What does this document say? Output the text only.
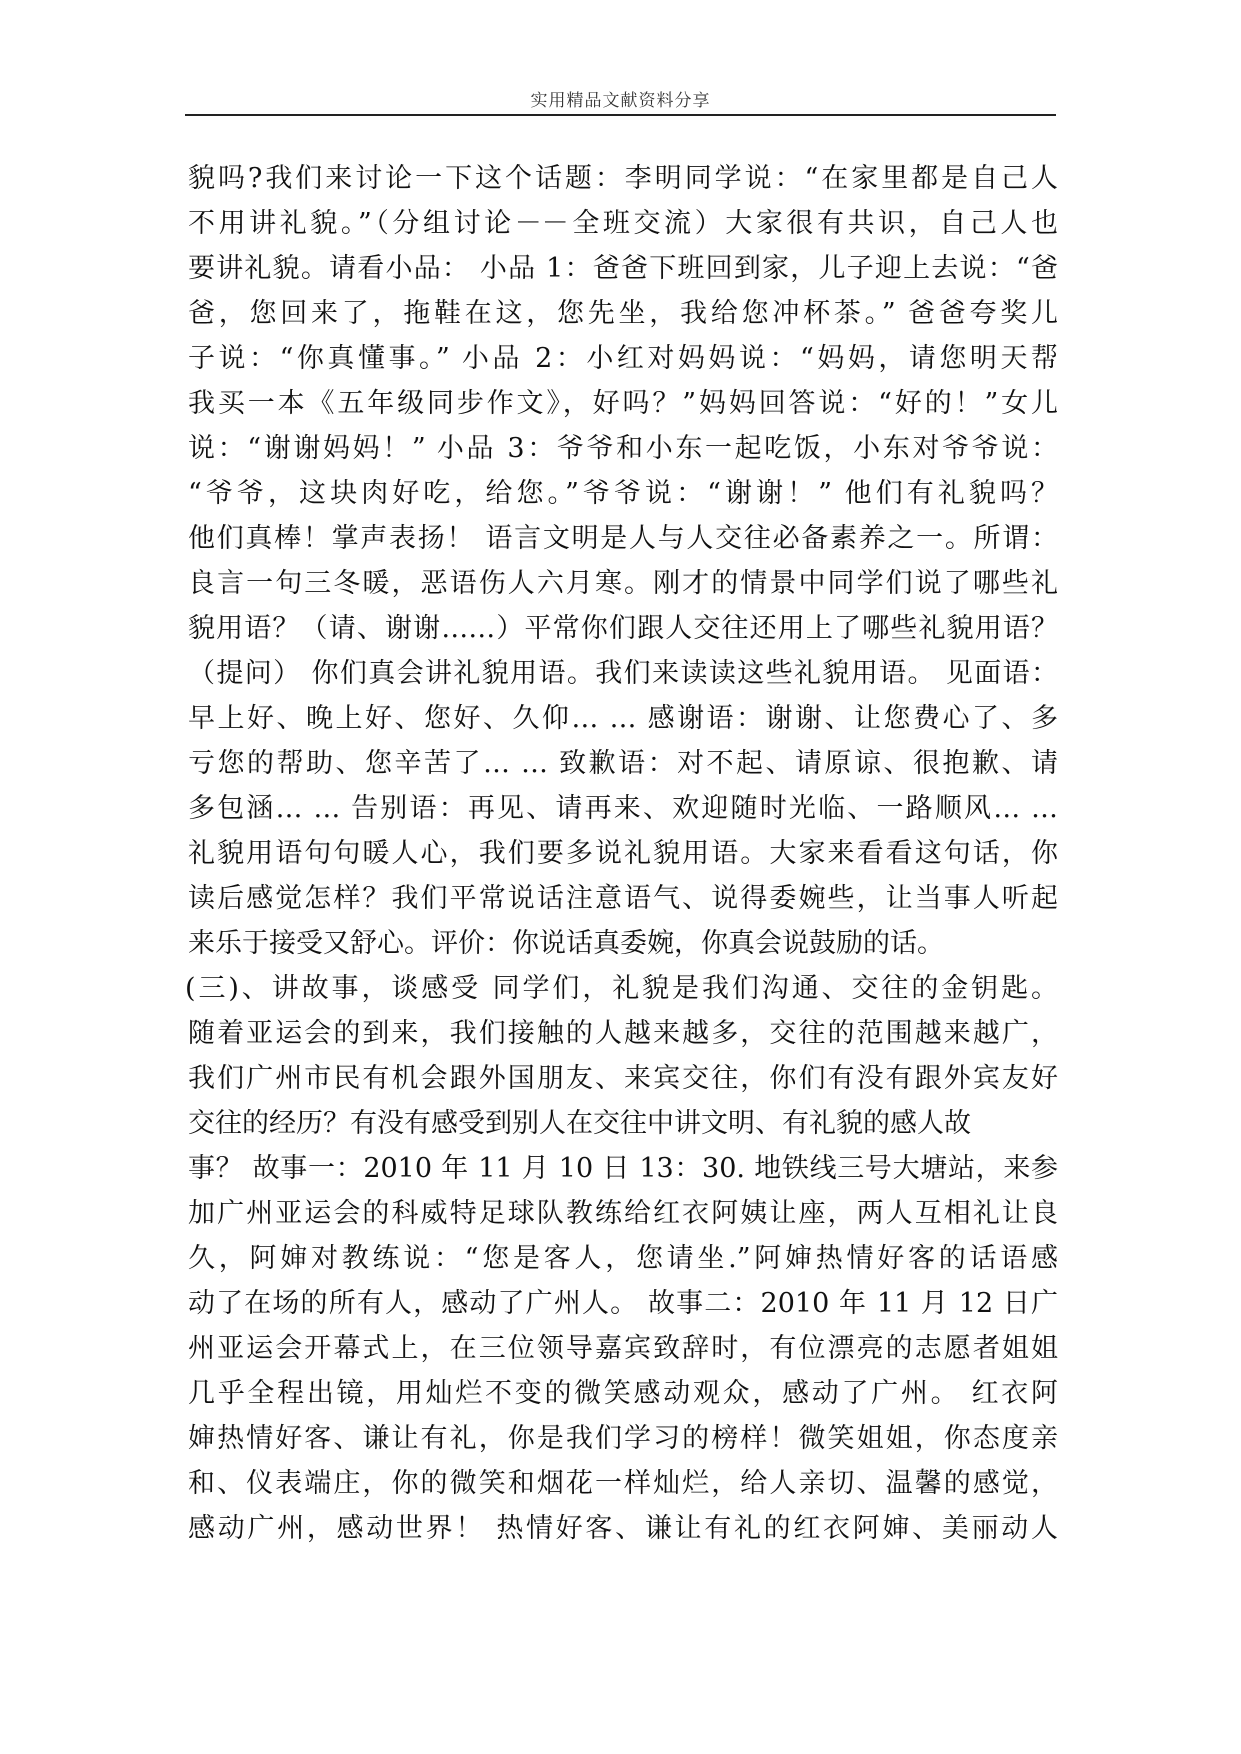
实用精品文献资料分享
貌吗?我们来讨论一下这个话题：李明同学说：“在家里都是自己人
不用讲礼貌。”（分组讨论－－全班交流）大家很有共识，自己人也
要讲礼貌。请看小品： 小品 1：爸爸下班回到家，儿子迎上去说：“爸
爸，您回来了，拖鞋在这，您先坐，我给您冲杯茶。” 爸爸夸奖儿
子说：“你真懂事。” 小品 2：小红对妈妈说：“妈妈，请您明天帮
我买一本《五年级同步作文》，好吗？”妈妈回答说：“好的！”女儿
说：“谢谢妈妈！” 小品 3：爷爷和小东一起吃饭，小东对爷爷说：
“爷爷，这块肉好吃，给您。”爷爷说：“谢谢！” 他们有礼貌吗？
他们真棒！掌声表扬！ 语言文明是人与人交往必备素养之一。所谓：
良言一句三冬暖，恶语伤人六月寒。刚才的情景中同学们说了哪些礼
貌用语？（请、谢谢……）平常你们跟人交往还用上了哪些礼貌用语？
（提问） 你们真会讲礼貌用语。我们来读读这些礼貌用语。 见面语：
早上好、晚上好、您好、久仰… … 感谢语：谢谢、让您费心了、多
亏您的帮助、您辛苦了… … 致歉语：对不起、请原谅、很抱歉、请
多包涵… … 告别语：再见、请再来、欢迎随时光临、一路顺风… …
礼貌用语句句暖人心，我们要多说礼貌用语。大家来看看这句话，你
读后感觉怎样？我们平常说话注意语气、说得委婉些，让当事人听起
来乐于接受又舒心。评价：你说话真委婉，你真会说鼓励的话。
(三)、讲故事，谈感受 同学们，礼貌是我们沟通、交往的金钥匙。
随着亚运会的到来，我们接触的人越来越多，交往的范围越来越广，
我们广州市民有机会跟外国朋友、来宾交往，你们有没有跟外宾友好
交往的经历？有没有感受到别人在交往中讲文明、有礼貌的感人故
事？ 故事一：2010 年 11 月 10 日 13：30. 地铁线三号大塘站，来参
加广州亚运会的科威特足球队教练给红衣阿姨让座，两人互相礼让良
久，阿婶对教练说：“您是客人，您请坐.”阿婶热情好客的话语感
动了在场的所有人，感动了广州人。 故事二：2010 年 11 月 12 日广
州亚运会开幕式上，在三位领导嘉宾致辞时，有位漂亮的志愿者姐姐
几乎全程出镜，用灿烂不变的微笑感动观众，感动了广州。 红衣阿
婶热情好客、谦让有礼，你是我们学习的榜样！微笑姐姐，你态度亲
和、仪表端庄，你的微笑和烟花一样灿烂，给人亲切、温馨的感觉，
感动广州，感动世界！ 热情好客、谦让有礼的红衣阿婶、美丽动人
